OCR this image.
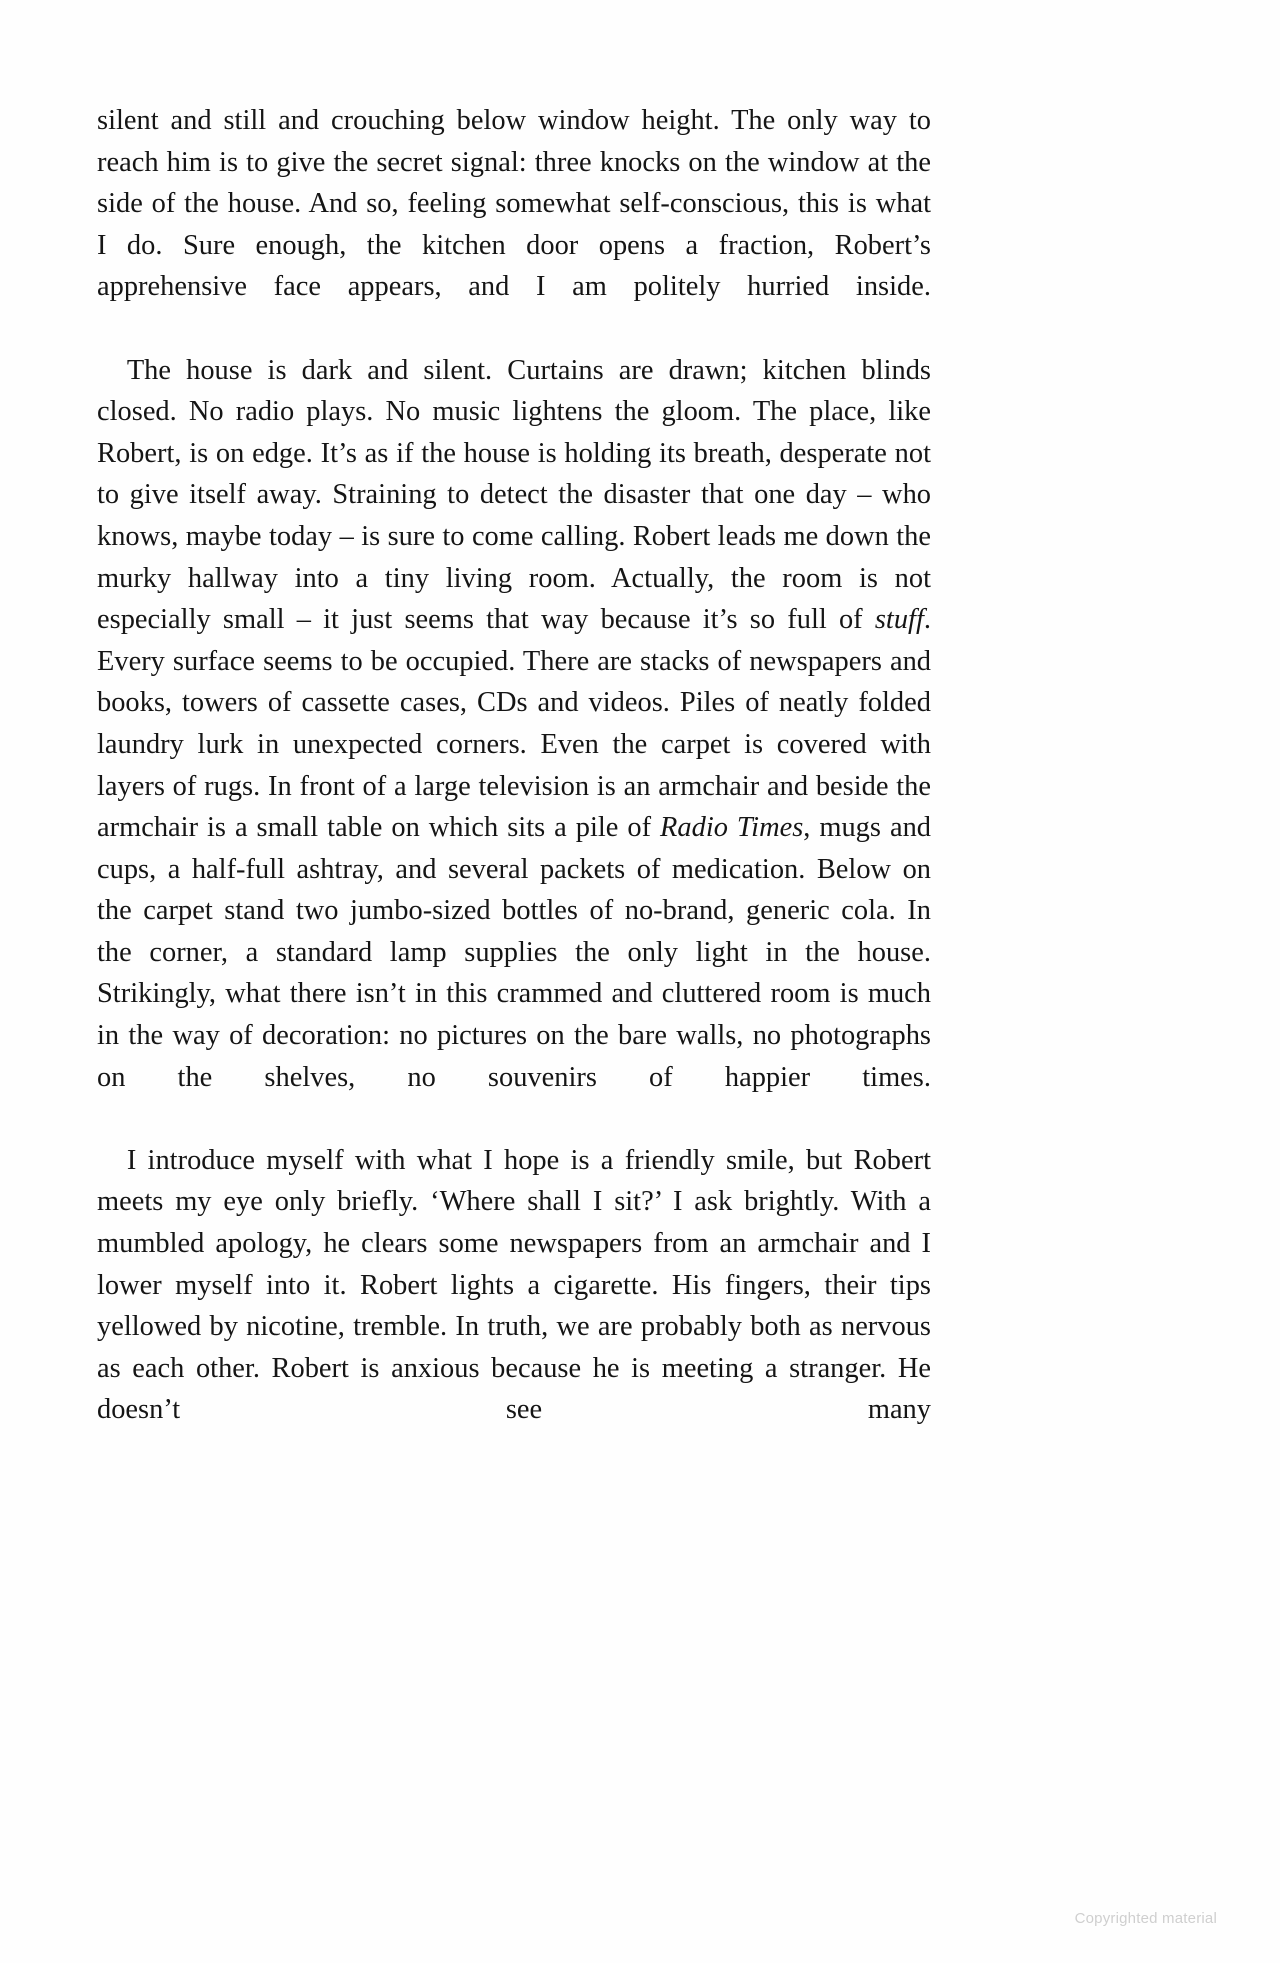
silent and still and crouching below window height. The only way to reach him is to give the secret signal: three knocks on the window at the side of the house. And so, feeling somewhat self-conscious, this is what I do. Sure enough, the kitchen door opens a fraction, Robert’s apprehensive face appears, and I am politely hurried inside.

The house is dark and silent. Curtains are drawn; kitchen blinds closed. No radio plays. No music lightens the gloom. The place, like Robert, is on edge. It’s as if the house is holding its breath, desperate not to give itself away. Straining to detect the disaster that one day – who knows, maybe today – is sure to come calling. Robert leads me down the murky hallway into a tiny living room. Actually, the room is not especially small – it just seems that way because it’s so full of stuff. Every surface seems to be occupied. There are stacks of newspapers and books, towers of cassette cases, CDs and videos. Piles of neatly folded laundry lurk in unexpected corners. Even the carpet is covered with layers of rugs. In front of a large television is an armchair and beside the armchair is a small table on which sits a pile of Radio Times, mugs and cups, a half-full ashtray, and several packets of medication. Below on the carpet stand two jumbo-sized bottles of no-brand, generic cola. In the corner, a standard lamp supplies the only light in the house. Strikingly, what there isn’t in this crammed and cluttered room is much in the way of decoration: no pictures on the bare walls, no photographs on the shelves, no souvenirs of happier times.

I introduce myself with what I hope is a friendly smile, but Robert meets my eye only briefly. ‘Where shall I sit?’ I ask brightly. With a mumbled apology, he clears some newspapers from an armchair and I lower myself into it. Robert lights a cigarette. His fingers, their tips yellowed by nicotine, tremble. In truth, we are probably both as nervous as each other. Robert is anxious because he is meeting a stranger. He doesn’t see many

Copyrighted material
